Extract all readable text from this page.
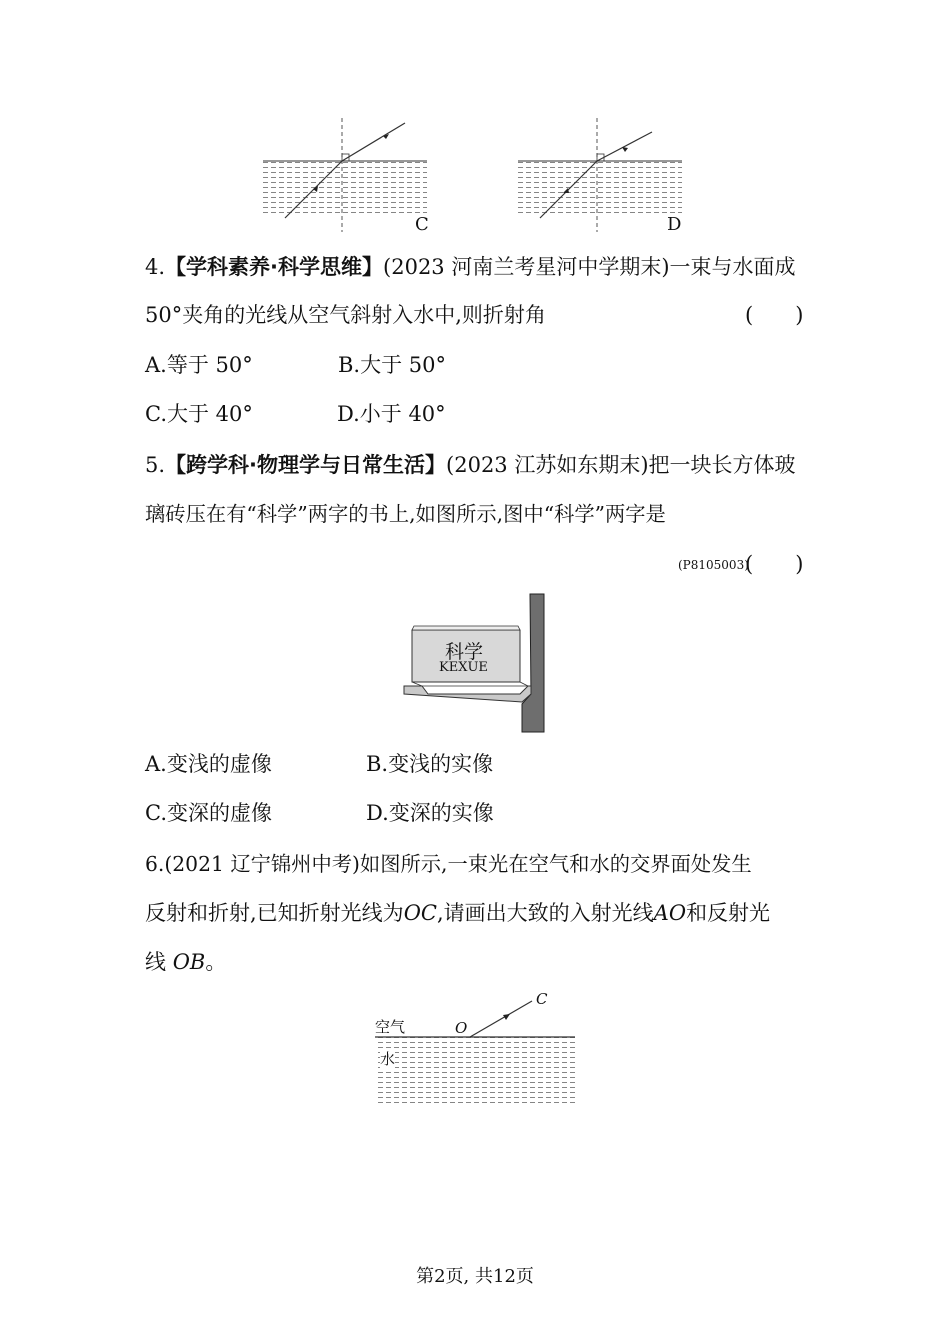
C	D
4.【学科素养·科学思维】(2023 河南兰考星河中学期末)一束与水面成
50°夹角的光线从空气斜射入水中,则折射角	(　　)
A.等于 50°	B.大于 50°
C.大于 40°	D.小于 40°
5.【跨学科·物理学与日常生活】(2023 江苏如东期末)把一块长方体玻
璃砖压在有“科学”两字的书上,如图所示,图中“科学”两字是
(P8105003)
(　　)
科学
KEXUE
A.变浅的虚像	B.变浅的实像
C.变深的虚像	D.变深的实像
6.(2021 辽宁锦州中考)如图所示,一束光在空气和水的交界面处发生
反射和折射,已知折射光线为OC,请画出大致的入射光线AO和反射光
线 OB。
空气
水
O
C
第2页, 共12页
